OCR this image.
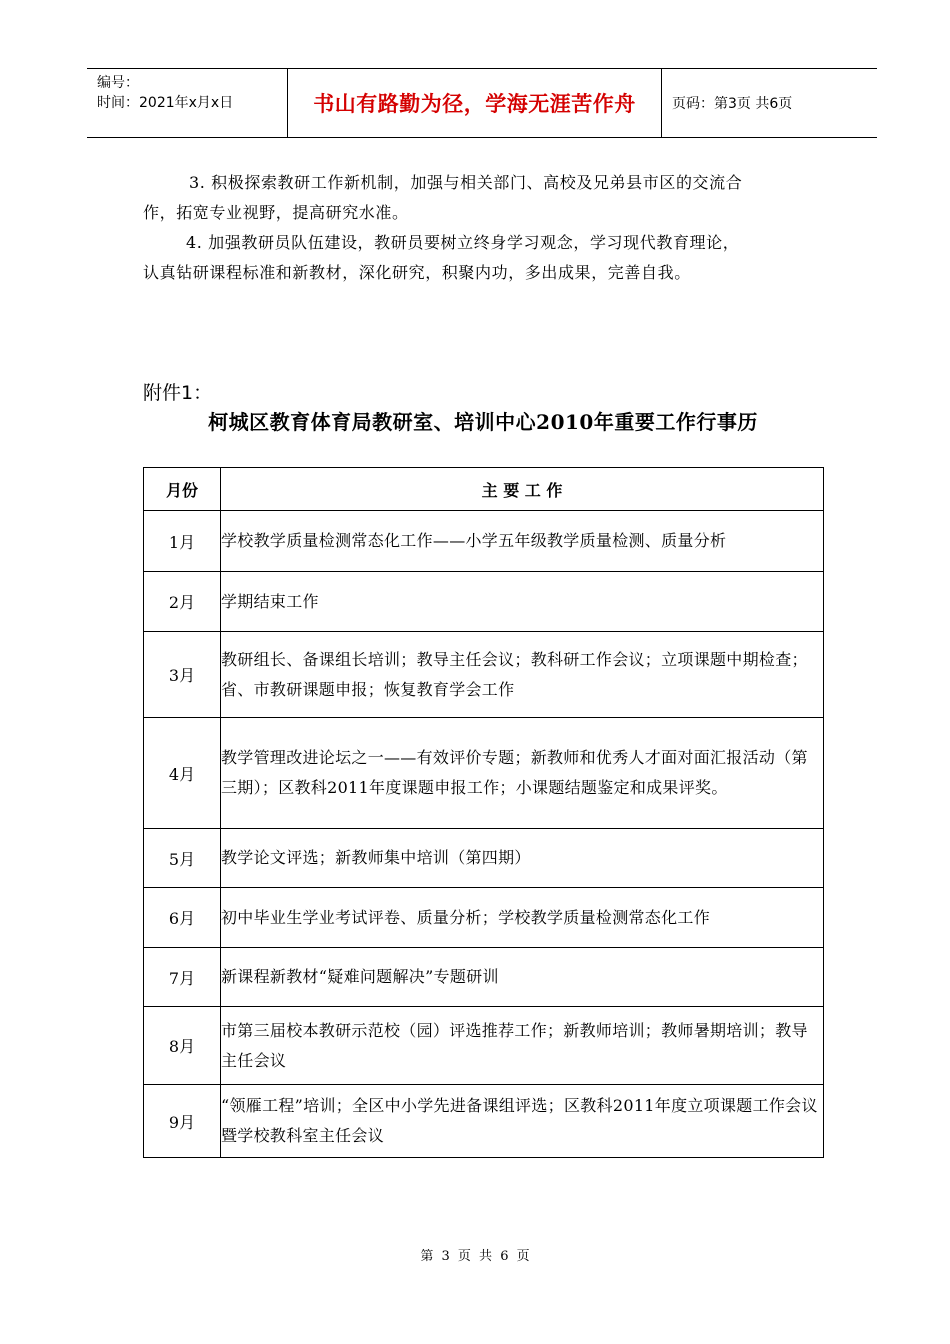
编号：
时间：2021年x月x日	书山有路勤为径，学海无涯苦作舟	页码：第3页 共6页
3. 积极探索教研工作新机制，加强与相关部门、高校及兄弟县市区的交流合
作，拓宽专业视野，提高研究水准。
4. 加强教研员队伍建设，教研员要树立终身学习观念，学习现代教育理论，
认真钻研课程标准和新教材，深化研究，积聚内功，多出成果，完善自我。
附件1：
柯城区教育体育局教研室、培训中心2010年重要工作行事历
月份	主 要 工 作
1月	学校教学质量检测常态化工作——小学五年级教学质量检测、质量分析
2月	学期结束工作
3月	教研组长、备课组长培训；教导主任会议；教科研工作会议；立项课题中期检查；省、市教研课题申报；恢复教育学会工作
4月	教学管理改进论坛之一——有效评价专题；新教师和优秀人才面对面汇报活动（第三期）；区教科2011年度课题申报工作；小课题结题鉴定和成果评奖。
5月	教学论文评选；新教师集中培训（第四期）
6月	初中毕业生学业考试评卷、质量分析；学校教学质量检测常态化工作
7月	新课程新教材“疑难问题解决”专题研训
8月	市第三届校本教研示范校（园）评选推荐工作；新教师培训；教师暑期培训；教导主任会议
9月	“领雁工程”培训；全区中小学先进备课组评选；区教科2011年度立项课题工作会议暨学校教科室主任会议
第 3 页 共 6 页
